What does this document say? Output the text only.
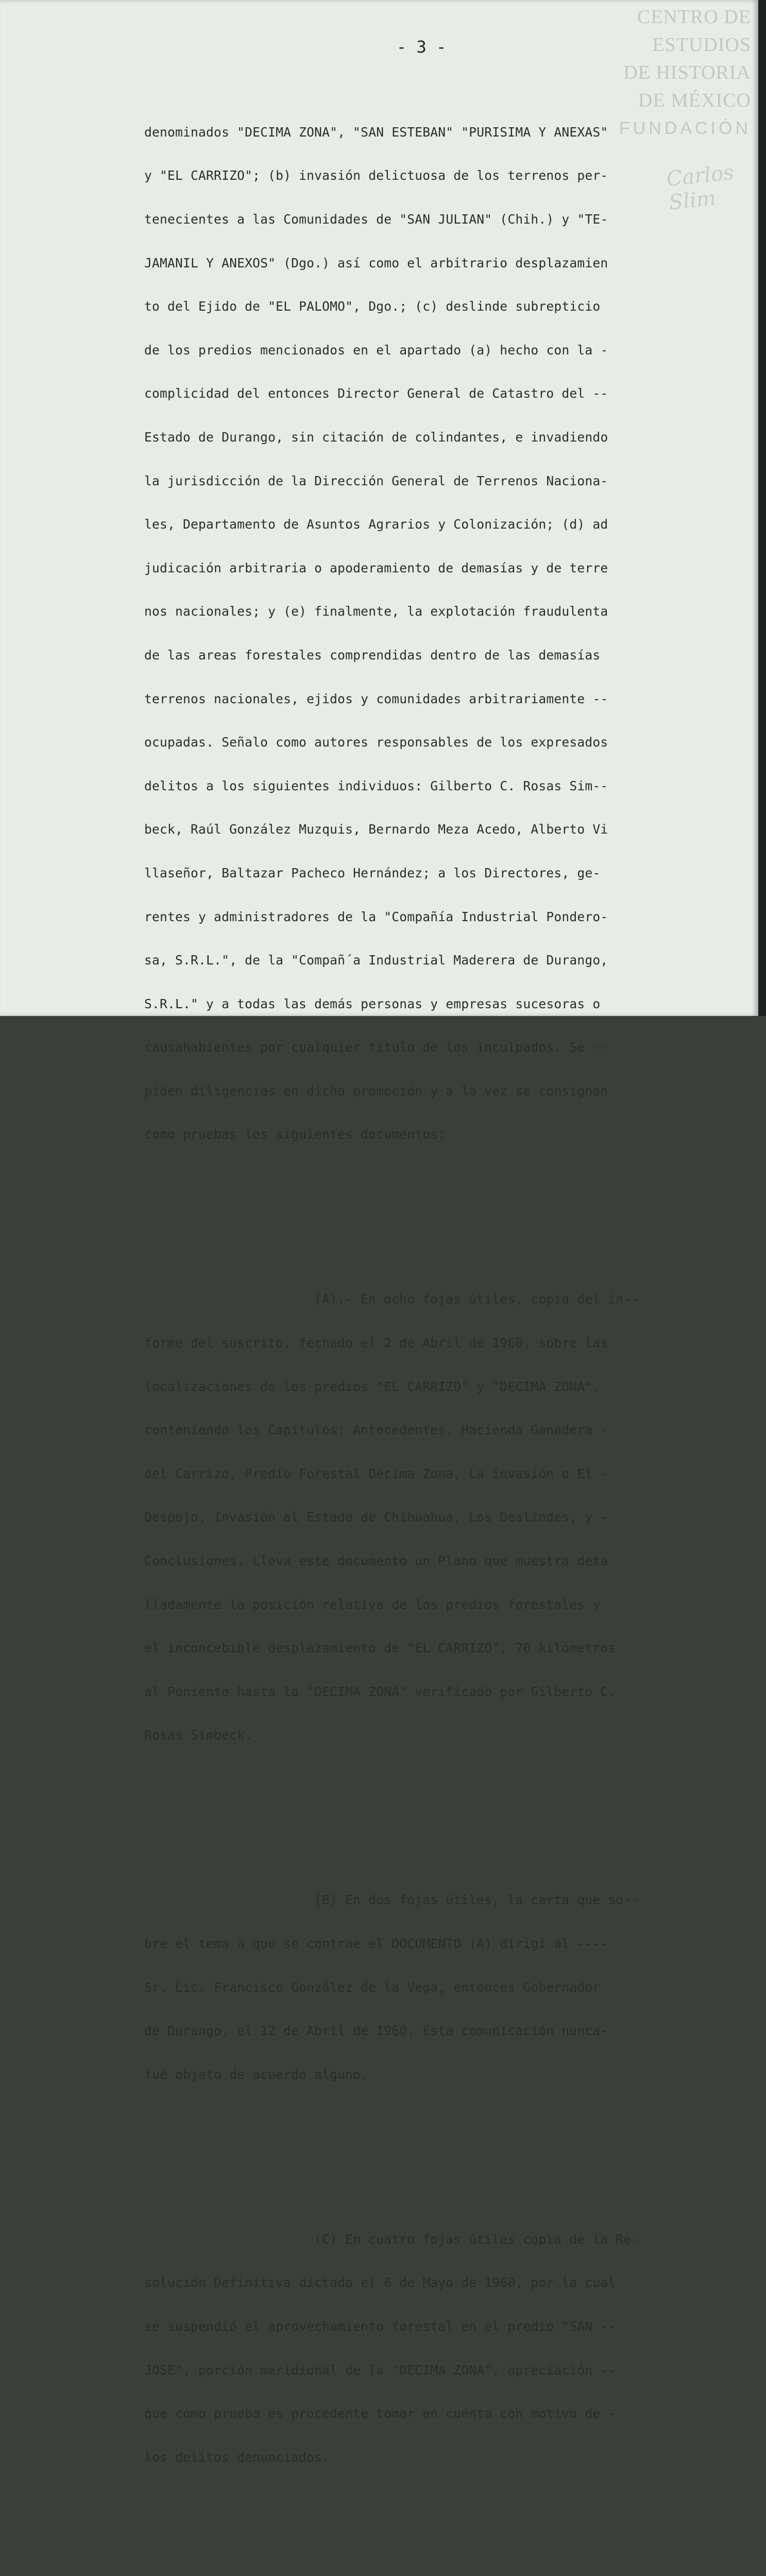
CENTRO DE
ESTUDIOS
DE HISTORIA
DE MÉXICO
FUNDACIÓN
Carlos Slim
- 3 -

denominados "DECIMA ZONA", "SAN ESTEBAN" "PURISIMA Y ANEXAS"

y "EL CARRIZO"; (b) invasión delictuosa de los terrenos per-

tenecientes a las Comunidades de "SAN JULIAN" (Chih.) y "TE-

JAMANIL Y ANEXOS" (Dgo.) así como el arbitrario desplazamien

to del Ejido de "EL PALOMO", Dgo.; (c) deslinde subrepticio

de los predios mencionados en el apartado (a) hecho con la -

complicidad del entonces Director General de Catastro del --

Estado de Durango, sin citación de colindantes, e invadiendo

la jurisdicción de la Dirección General de Terrenos Naciona-

les, Departamento de Asuntos Agrarios y Colonización; (d) ad

judicación arbitraria o apoderamiento de demasías y de terre

nos nacionales; y (e) finalmente, la explotación fraudulenta

de las areas forestales comprendidas dentro de las demasías

terrenos nacionales, ejidos y comunidades arbitrariamente --

ocupadas. Señalo como autores responsables de los expresados

delitos a los siguientes individuos: Gilberto C. Rosas Sim--

beck, Raúl González Muzquis, Bernardo Meza Acedo, Alberto Vi

llaseñor, Baltazar Pacheco Hernández; a los Directores, ge-

rentes y administradores de la "Compañía Industrial Pondero-

sa, S.R.L.", de la "Compañ´a Industrial Maderera de Durango,

S.R.L." y a todas las demás personas y empresas sucesoras o

causahabientes por cualquier título de los inculpados. Se --

piden diligencias en dicha promoción y a la vez se consignan

como pruebas los siguientes documentos:

(A).- En ocho fojas útiles, copia del in--

forme del suscrito, fechado el 2 de Abril de 1960, sobre las

localizaciones de los predios "EL CARRIZO" y "DECIMA ZONA",

conteniendo los Capítulos: Antecedentes, Hacienda Ganadera -

del Carrizo, Predio Forestal Décima Zona, La invasión o El -

Despojo, Invasión al Estado de Chihuahua, Los Deslindes, y -

Conclusiones. Lleva este documento un Plano que muestra deta

lladamente la posición relativa de los predios forestales y

el inconcebible desplazamiento de "EL CARRIZO", 70 kilómetros

al Poniente hasta la "DECIMA ZONA" verificado por Gilberto C.

Rosas Simbeck.

(B) En dos fojas útiles, la carta que so--

bre el tema a que se contrae el DOCUMENTO (A) dirigí al ----

Sr. Lic. Francisco González de la Vega, entonces Gobernador

de Durango, el 12 de Abril de 1960. Esta comunicación nunca-

fué objeto de acuerdo alguno.

(C) En cuatro fojas útiles copia de la Re-

solución Definitiva dictada el 6 de Mayo de 1960, por la cual

se suspendió el aprovechamiento forestal en el predio "SAN --

JOSE", porción meridional de la "DECIMA ZONA", apreciación --

que como prueba es procedente tomar en cuenta con motivo de -

los delitos denunciados.
